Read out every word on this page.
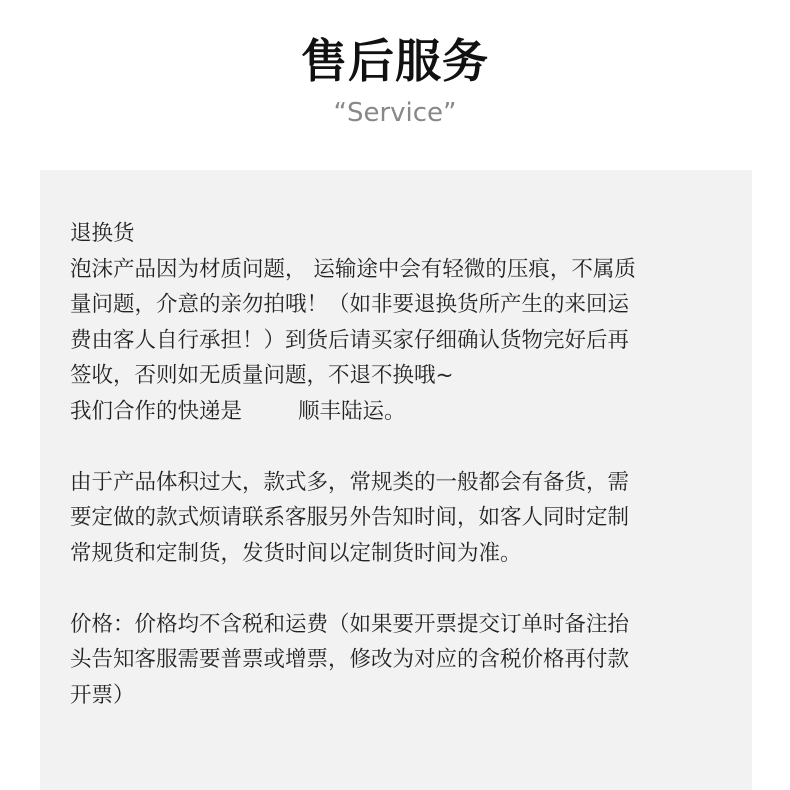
售后服务
“Service”
退换货
泡沫产品因为材质问题， 运输途中会有轻微的压痕，不属质
量问题，介意的亲勿拍哦！（如非要退换货所产生的来回运
费由客人自行承担！）到货后请买家仔细确认货物完好后再
签收，否则如无质量问题，不退不换哦~
我们合作的快递是	顺丰陆运。
由于产品体积过大，款式多，常规类的一般都会有备货，需
要定做的款式烦请联系客服另外告知时间，如客人同时定制
常规货和定制货，发货时间以定制货时间为准。
价格：价格均不含税和运费（如果要开票提交订单时备注抬
头告知客服需要普票或增票，修改为对应的含税价格再付款
开票）
